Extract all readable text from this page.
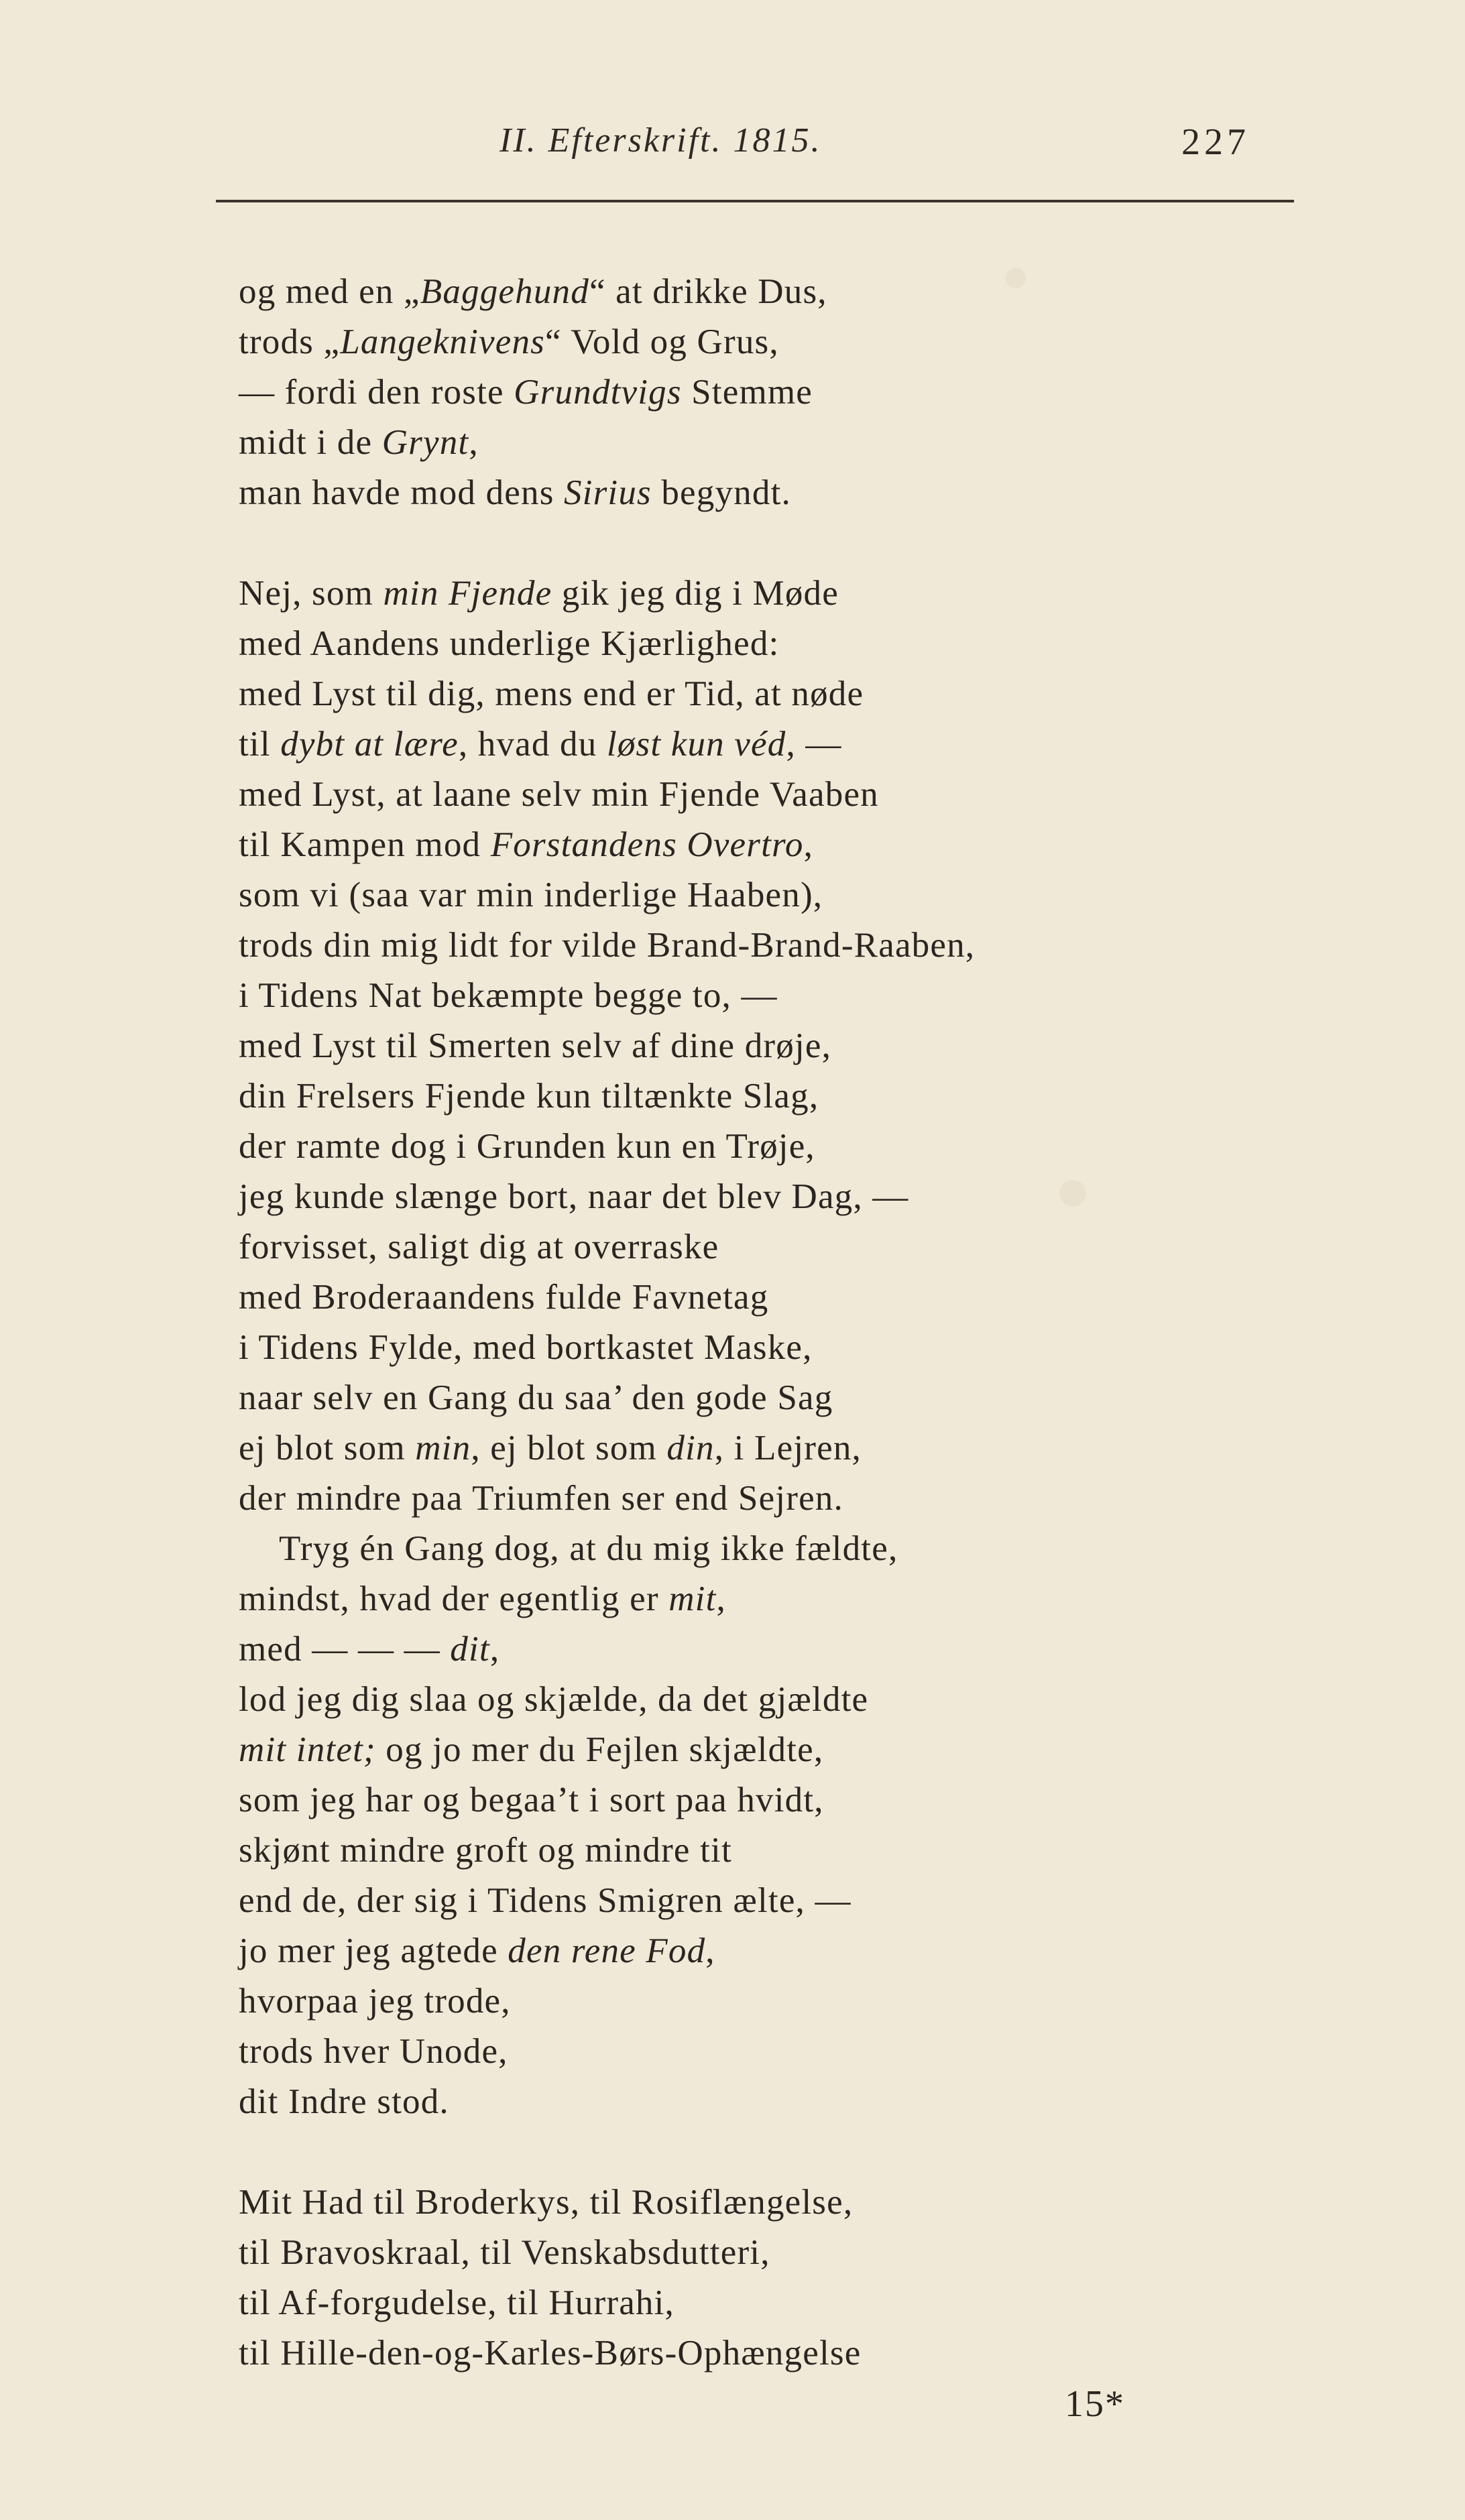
II. Efterskrift. 1815.	227
og med en „Baggehund“ at drikke Dus,
trods „Langeknivens“ Vold og Grus,
— fordi den roste Grundtvigs Stemme
midt i de Grynt,
man havde mod dens Sirius begyndt.
Nej, som min Fjende gik jeg dig i Møde
med Aandens underlige Kjærlighed:
med Lyst til dig, mens end er Tid, at nøde
til dybt at lære, hvad du løst kun véd, —
med Lyst, at laane selv min Fjende Vaaben
til Kampen mod Forstandens Overtro,
som vi (saa var min inderlige Haaben),
trods din mig lidt for vilde Brand-Brand-Raaben,
i Tidens Nat bekæmpte begge to, —
med Lyst til Smerten selv af dine drøje,
din Frelsers Fjende kun tiltænkte Slag,
der ramte dog i Grunden kun en Trøje,
jeg kunde slænge bort, naar det blev Dag, —
forvisset, saligt dig at overraske
med Broderaandens fulde Favnetag
i Tidens Fylde, med bortkastet Maske,
naar selv en Gang du saa’ den gode Sag
ej blot som min, ej blot som din, i Lejren,
der mindre paa Triumfen ser end Sejren.
Tryg én Gang dog, at du mig ikke fældte,
mindst, hvad der egentlig er mit,
med — — — dit,
lod jeg dig slaa og skjælde, da det gjældte
mit intet; og jo mer du Fejlen skjældte,
som jeg har og begaa’t i sort paa hvidt,
skjønt mindre groft og mindre tit
end de, der sig i Tidens Smigren ælte, —
jo mer jeg agtede den rene Fod,
hvorpaa jeg trode,
trods hver Unode,
dit Indre stod.
Mit Had til Broderkys, til Rosiflængelse,
til Bravoskraal, til Venskabsdutteri,
til Af-forgudelse, til Hurrahi,
til Hille-den-og-Karles-Børs-Ophængelse
15*
